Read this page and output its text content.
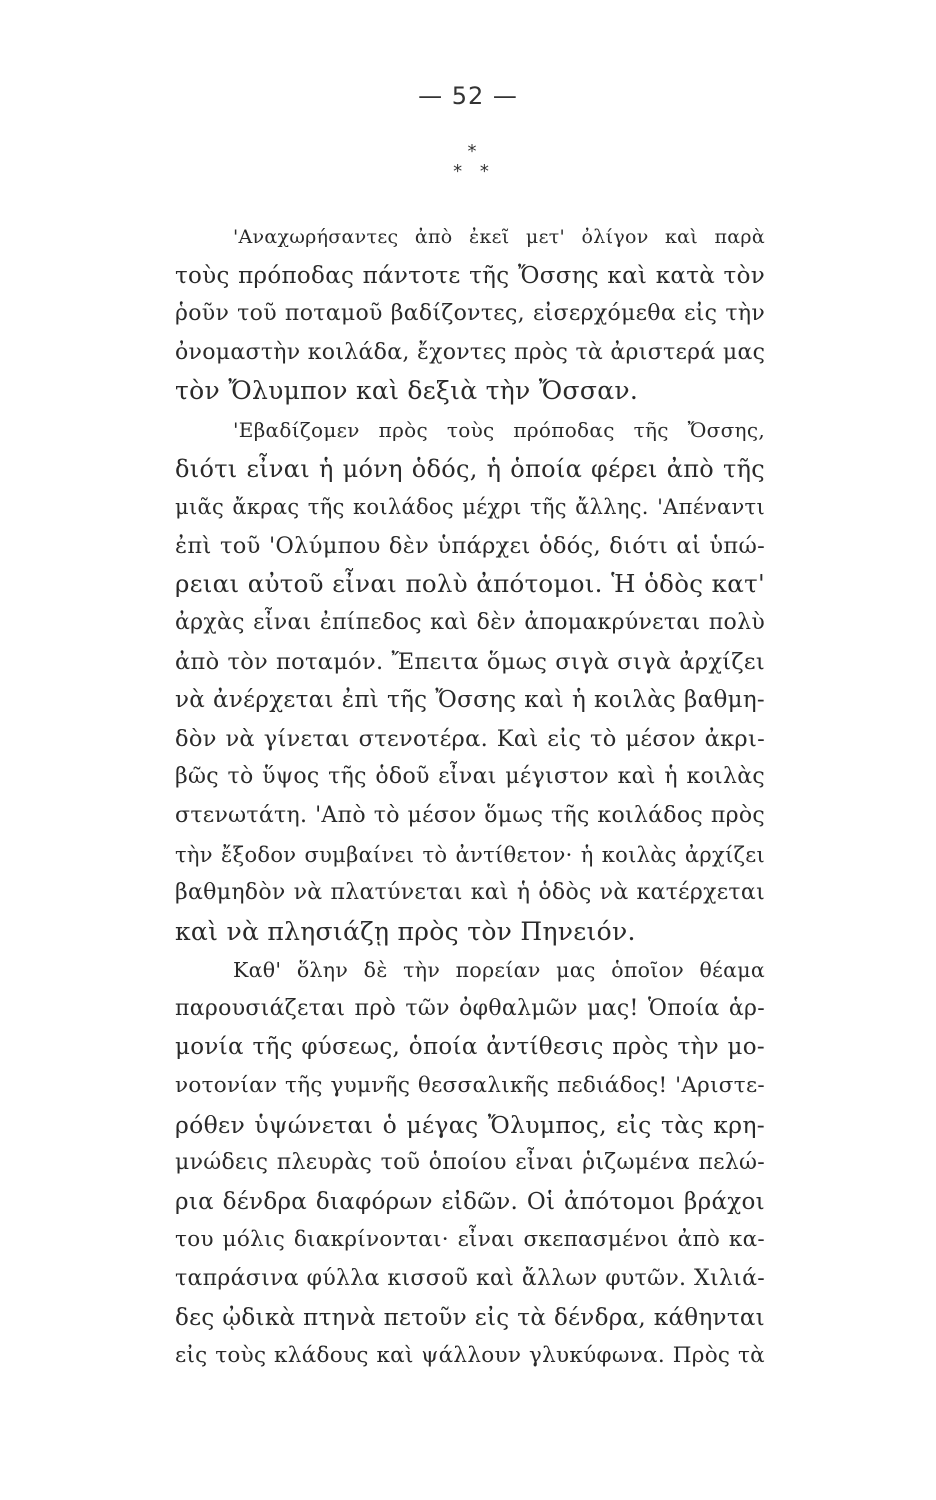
— 52 —
*
* *
'Αναχωρήσαντες ἀπὸ ἐκεῖ μετ' ὀλίγον καὶ παρὰ
τοὺς πρόποδας πάντοτε τῆς Ὄσσης καὶ κατὰ τὸν
ῥοῦν τοῦ ποταμοῦ βαδίζοντες, εἰσερχόμεθα εἰς τὴν
ὀνομαστὴν κοιλάδα, ἔχοντες πρὸς τὰ ἀριστερά μας
τὸν Ὄλυμπον καὶ δεξιὰ τὴν Ὄσσαν.
'Εβαδίζομεν πρὸς τοὺς πρόποδας τῆς Ὄσσης,
διότι εἶναι ἡ μόνη ὁδός, ἡ ὁποία φέρει ἀπὸ τῆς
μιᾶς ἄκρας τῆς κοιλάδος μέχρι τῆς ἄλλης. 'Απέναντι
ἐπὶ τοῦ 'Ολύμπου δὲν ὑπάρχει ὁδός, διότι αἱ ὑπώ-
ρειαι αὐτοῦ εἶναι πολὺ ἀπότομοι. Ἡ ὁδὸς κατ'
ἀρχὰς εἶναι ἐπίπεδος καὶ δὲν ἀπομακρύνεται πολὺ
ἀπὸ τὸν ποταμόν. Ἔπειτα ὅμως σιγὰ σιγὰ ἀρχίζει
νὰ ἀνέρχεται ἐπὶ τῆς Ὄσσης καὶ ἡ κοιλὰς βαθμη-
δὸν νὰ γίνεται στενοτέρα. Καὶ εἰς τὸ μέσον ἀκρι-
βῶς τὸ ὕψος τῆς ὁδοῦ εἶναι μέγιστον καὶ ἡ κοιλὰς
στενωτάτη. 'Απὸ τὸ μέσον ὅμως τῆς κοιλάδος πρὸς
τὴν ἔξοδον συμβαίνει τὸ ἀντίθετον· ἡ κοιλὰς ἀρχίζει
βαθμηδὸν νὰ πλατύνεται καὶ ἡ ὁδὸς νὰ κατέρχεται
καὶ νὰ πλησιάζῃ πρὸς τὸν Πηνειόν.
Καθ' ὅλην δὲ τὴν πορείαν μας ὁποῖον θέαμα
παρουσιάζεται πρὸ τῶν ὀφθαλμῶν μας! Ὁποία ἁρ-
μονία τῆς φύσεως, ὁποία ἀντίθεσις πρὸς τὴν μο-
νοτονίαν τῆς γυμνῆς θεσσαλικῆς πεδιάδος! 'Αριστε-
ρόθεν ὑψώνεται ὁ μέγας Ὄλυμπος, εἰς τὰς κρη-
μνώδεις πλευρὰς τοῦ ὁποίου εἶναι ῥιζωμένα πελώ-
ρια δένδρα διαφόρων εἰδῶν. Οἱ ἀπότομοι βράχοι
του μόλις διακρίνονται· εἶναι σκεπασμένοι ἀπὸ κα-
ταπράσινα φύλλα κισσοῦ καὶ ἄλλων φυτῶν. Χιλιά-
δες ᾠδικὰ πτηνὰ πετοῦν εἰς τὰ δένδρα, κάθηνται
εἰς τοὺς κλάδους καὶ ψάλλουν γλυκύφωνα. Πρὸς τὰ
